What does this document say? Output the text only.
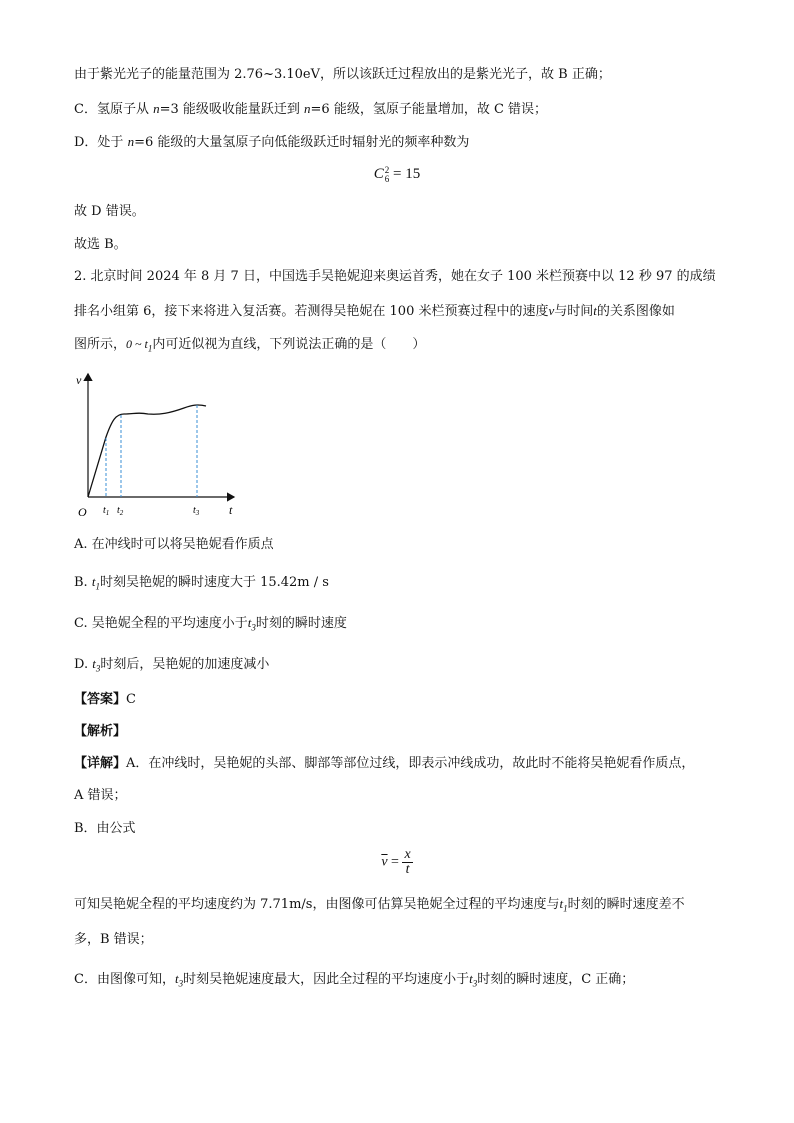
由于紫光光子的能量范围为 2.76~3.10eV，所以该跃迁过程放出的是紫光光子，故 B 正确；
C．氢原子从 n=3 能级吸收能量跃迁到 n=6 能级，氢原子能量增加，故 C 错误；
D．处于 n=6 能级的大量氢原子向低能级跃迁时辐射光的频率种数为
C 2
6 = 15
故 D 错误。
故选 B。
2. 北京时间 2024 年 8 月 7 日，中国选手吴艳妮迎来奥运首秀，她在女子 100 米栏预赛中以 12 秒 97 的成绩
排名小组第 6，接下来将进入复活赛。若测得吴艳妮在 100 米栏预赛过程中的速度v与时间t的关系图像如
图所示，0 ~ $t_1$内可近似视为直线，下列说法正确的是（　　）
v
t
O $t_1$ $t_2$	$t_3$
A. 在冲线时可以将吴艳妮看作质点
B. $t_1$时刻吴艳妮的瞬时速度大于 15.42m / s
C. 吴艳妮全程的平均速度小于$t_3$时刻的瞬时速度
D. $t_3$时刻后，吴艳妮的加速度减小
【答案】C
【解析】
【详解】A．在冲线时，吴艳妮的头部、脚部等部位过线，即表示冲线成功，故此时不能将吴艳妮看作质点，
A 错误；
B．由公式
$\overline{v} = \frac{x}{t}$
可知吴艳妮全程的平均速度约为 7.71m/s，由图像可估算吴艳妮全过程的平均速度与$t_1$时刻的瞬时速度差不
多，B 错误；
C．由图像可知，$t_3$时刻吴艳妮速度最大，因此全过程的平均速度小于$t_3$时刻的瞬时速度，C 正确；
